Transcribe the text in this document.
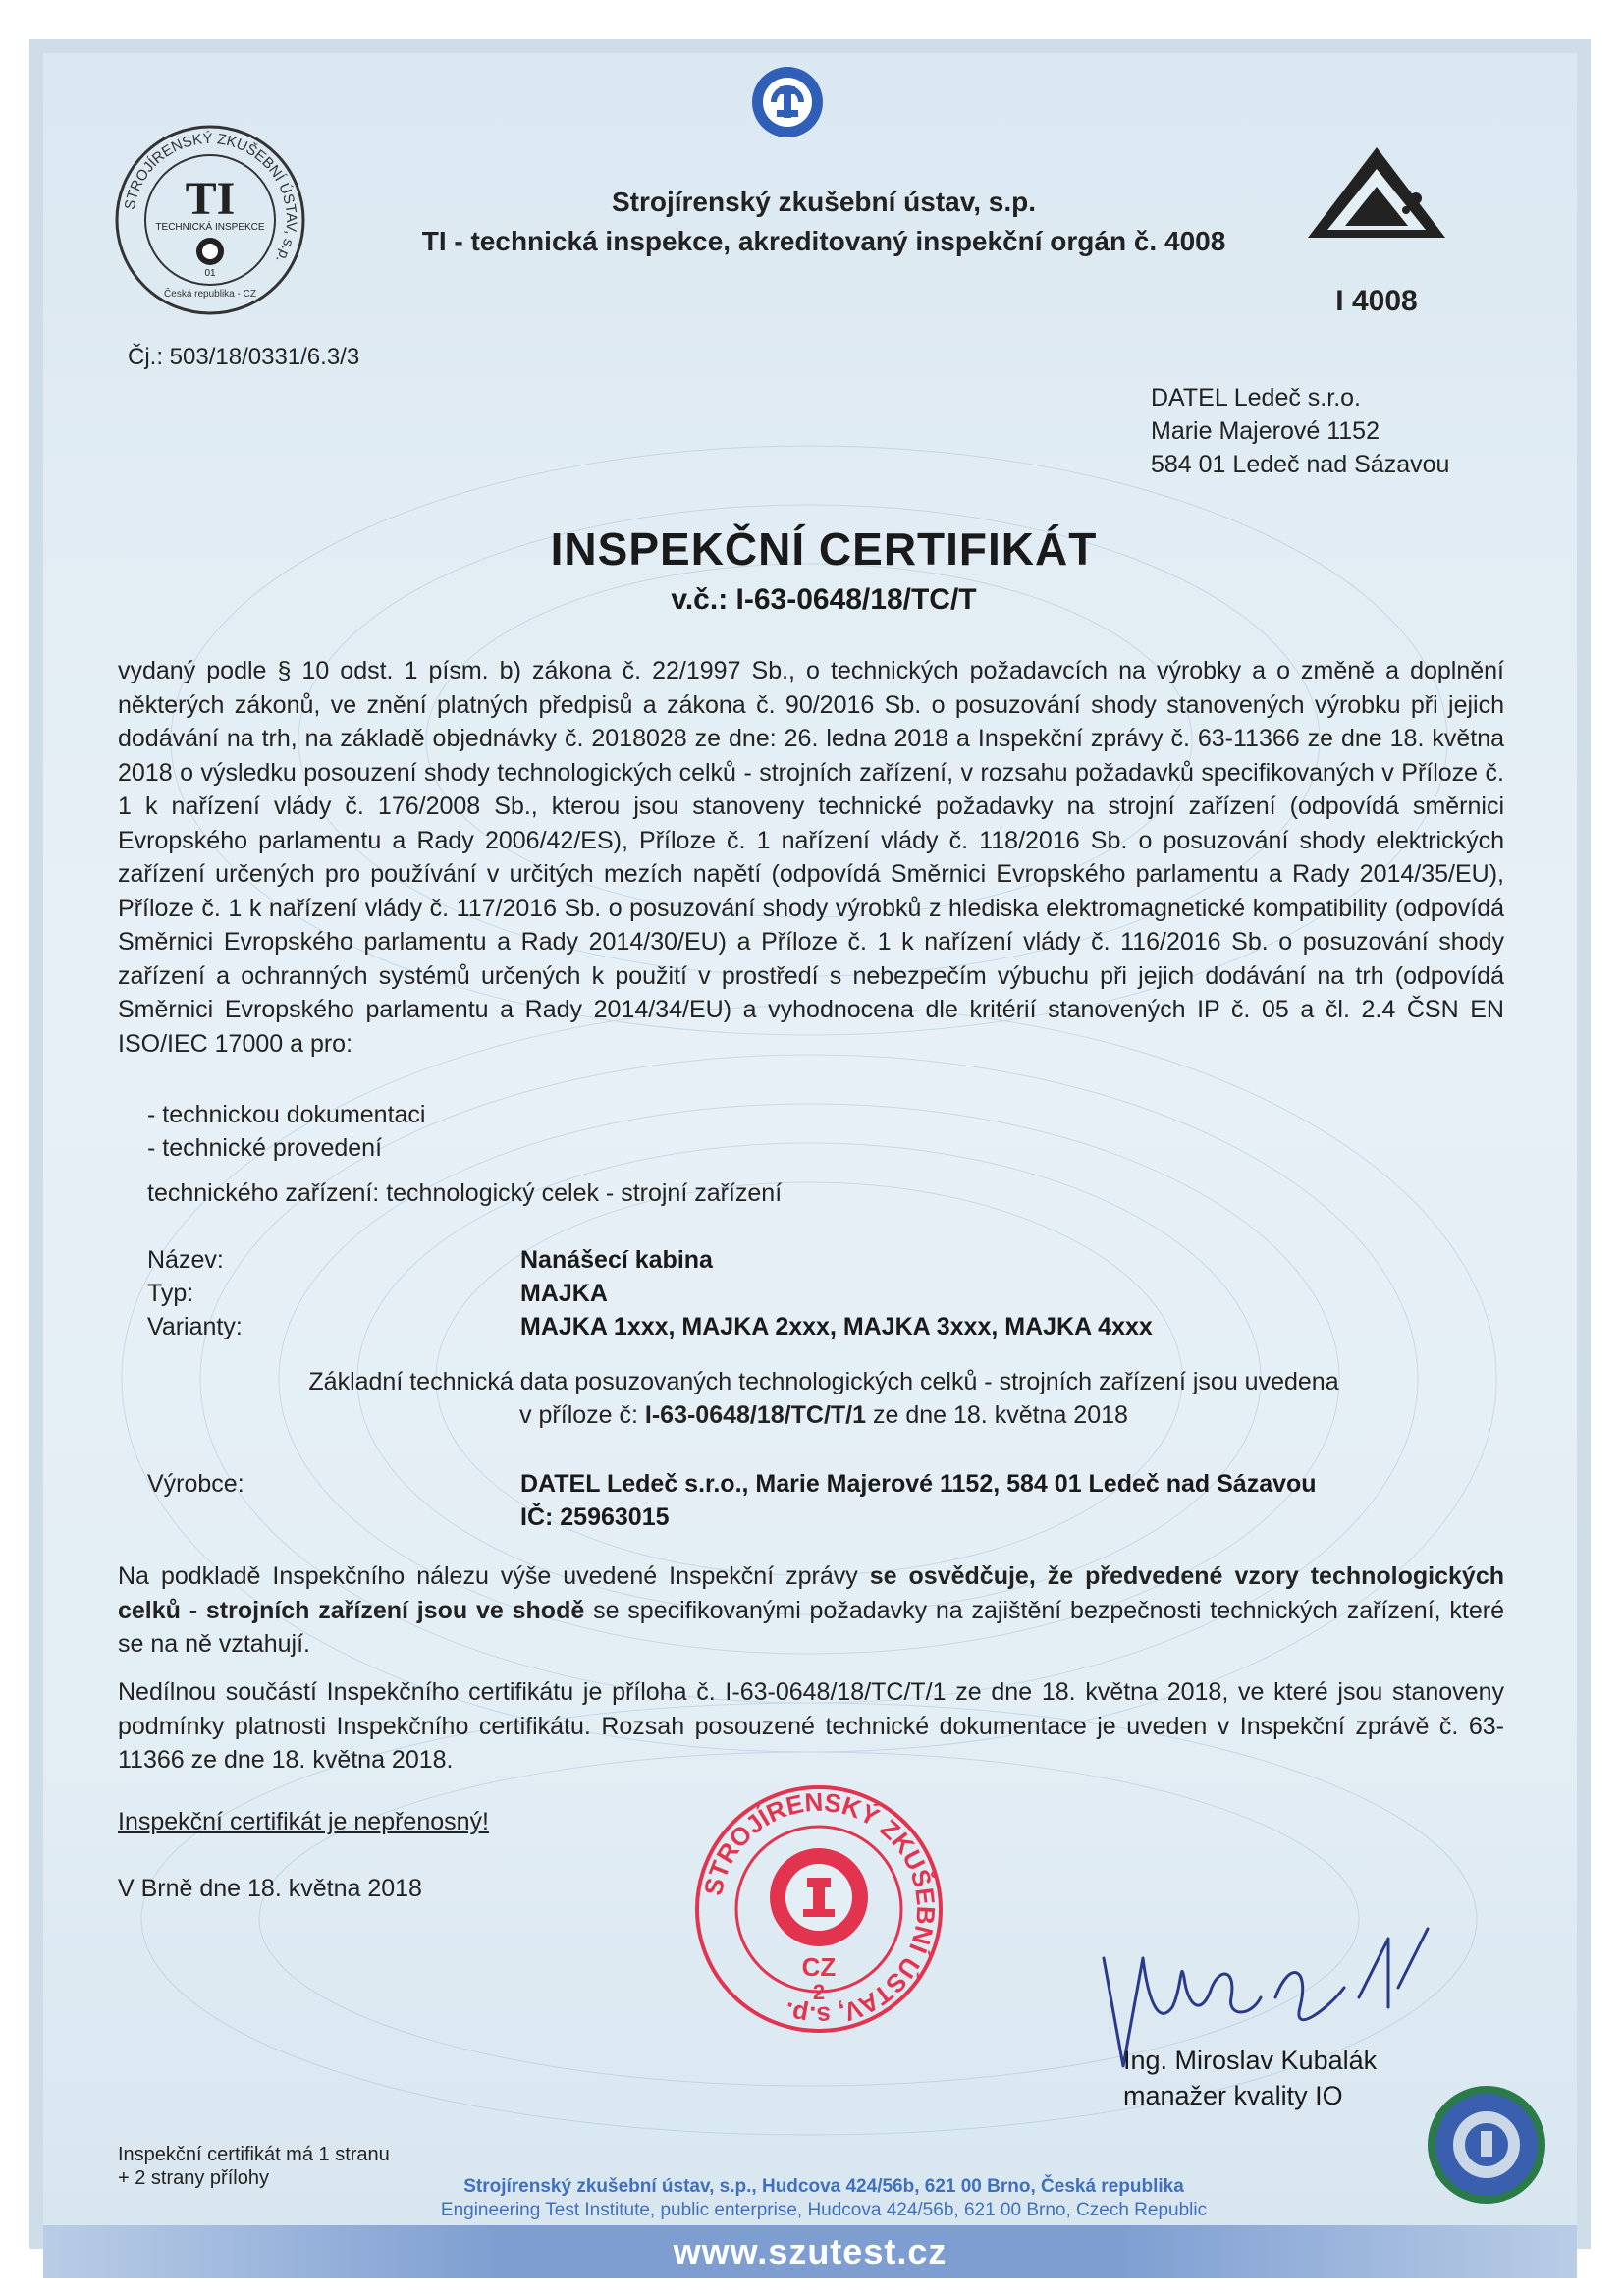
STROJÍRENSKÝ ZKUŠEBNÍ ÚSTAV, s.p.
TI
TECHNICKÁ INSPEKCE
01
Česká republika - CZ
Strojírenský zkušební ústav, s.p.
TI - technická inspekce, akreditovaný inspekční orgán č. 4008
I 4008
Čj.: 503/18/0331/6.3/3
DATEL Ledeč s.r.o.
Marie Majerové 1152
584 01 Ledeč nad Sázavou
INSPEKČNÍ CERTIFIKÁT
v.č.: I-63-0648/18/TC/T
vydaný podle § 10 odst. 1 písm. b) zákona č. 22/1997 Sb., o technických požadavcích na výrobky a o změně a doplnění některých zákonů, ve znění platných předpisů a zákona č. 90/2016 Sb. o posuzování shody stanovených výrobku při jejich dodávání na trh, na základě objednávky č. 2018028 ze dne: 26. ledna 2018 a Inspekční zprávy č. 63-11366 ze dne 18. května 2018 o výsledku posouzení shody technologických celků - strojních zařízení, v rozsahu požadavků specifikovaných v Příloze č. 1 k nařízení vlády č. 176/2008 Sb., kterou jsou stanoveny technické požadavky na strojní zařízení (odpovídá směrnici Evropského parlamentu a Rady 2006/42/ES), Příloze č. 1 nařízení vlády č. 118/2016 Sb. o posuzování shody elektrických zařízení určených pro používání v určitých mezích napětí (odpovídá Směrnici Evropského parlamentu a Rady 2014/35/EU), Příloze č. 1 k nařízení vlády č. 117/2016 Sb. o posuzování shody výrobků z hlediska elektromagnetické kompatibility (odpovídá Směrnici Evropského parlamentu a Rady 2014/30/EU) a Příloze č. 1 k nařízení vlády č. 116/2016 Sb. o posuzování shody zařízení a ochranných systémů určených k použití v prostředí s nebezpečím výbuchu při jejich dodávání na trh (odpovídá Směrnici Evropského parlamentu a Rady 2014/34/EU) a vyhodnocena dle kritérií stanovených IP č. 05 a čl. 2.4 ČSN EN ISO/IEC 17000 a pro:
- technickou dokumentaci
- technické provedení
technického zařízení: technologický celek - strojní zařízení
Název:	Nanášecí kabina
Typ:	MAJKA
Varianty:	MAJKA 1xxx, MAJKA 2xxx, MAJKA 3xxx, MAJKA 4xxx
Základní technická data posuzovaných technologických celků - strojních zařízení jsou uvedena
v příloze č: I-63-0648/18/TC/T/1 ze dne 18. května 2018
Výrobce:	DATEL Ledeč s.r.o., Marie Majerové 1152, 584 01 Ledeč nad Sázavou
IČ: 25963015
Na podkladě Inspekčního nálezu výše uvedené Inspekční zprávy se osvědčuje, že předvedené vzory technologických celků - strojních zařízení jsou ve shodě se specifikovanými požadavky na zajištění bezpečnosti technických zařízení, které se na ně vztahují.
Nedílnou součástí Inspekčního certifikátu je příloha č. I-63-0648/18/TC/T/1 ze dne 18. května 2018, ve které jsou stanoveny podmínky platnosti Inspekčního certifikátu. Rozsah posouzené technické dokumentace je uveden v Inspekční zprávě č. 63-11366 ze dne 18. května 2018.
Inspekční certifikát je nepřenosný!
V Brně dne 18. května 2018	STROJÍRENSKÝ ZKUŠEBNÍ ÚSTAV, s.p.
CZ
2
Ing. Miroslav Kubalák
manažer kvality IO
Inspekční certifikát má 1 stranu
+ 2 strany přílohy	Strojírenský zkušební ústav, s.p., Hudcova 424/56b, 621 00 Brno, Česká republika
Engineering Test Institute, public enterprise, Hudcova 424/56b, 621 00 Brno, Czech Republic
www.szutest.cz
